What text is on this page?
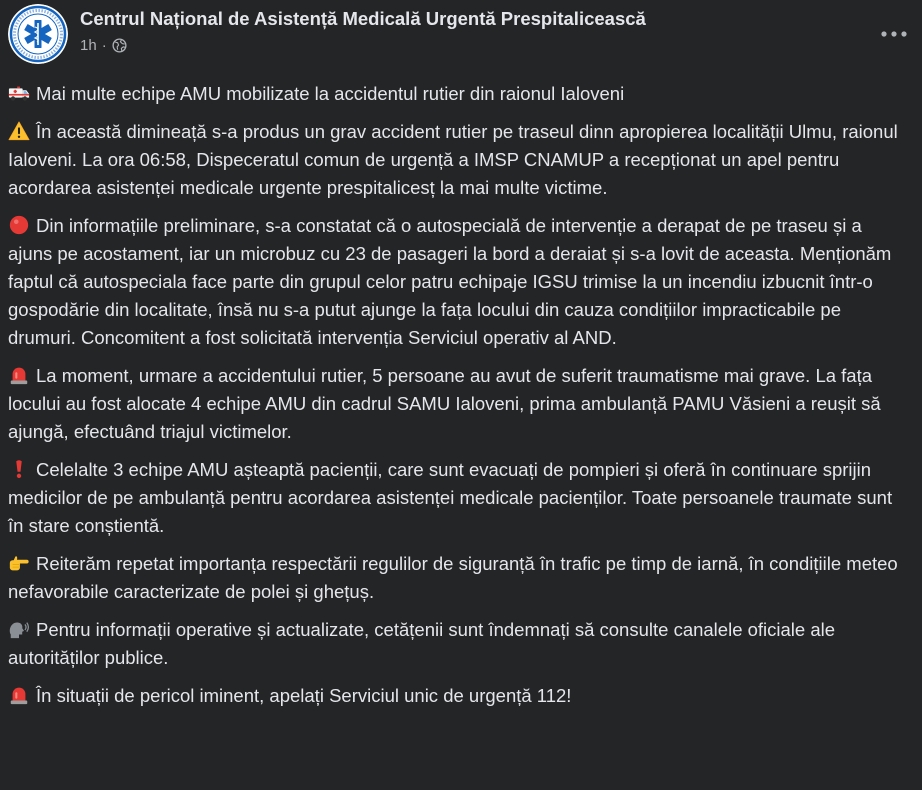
Centrul Național de Asistență Medicală Urgentă Prespitalicească
1h ·

Mai multe echipe AMU mobilizate la accidentul rutier din raionul Ialoveni

În această dimineață s-a produs un grav accident rutier pe traseul dinn apropierea localității Ulmu, raionul Ialoveni. La ora 06:58, Dispeceratul comun de urgență a IMSP CNAMUP a recepționat un apel pentru acordarea asistenței medicale urgente prespitalicesț la mai multe victime.

Din informațiile preliminare, s-a constatat că o autospecială de intervenție a derapat de pe traseu și a ajuns pe acostament, iar un microbuz cu 23 de pasageri la bord a deraiat și s-a lovit de aceasta. Menționăm faptul că autospeciala face parte din grupul celor patru echipaje IGSU trimise la un incendiu izbucnit într-o gospodărie din localitate, însă nu s-a putut ajunge la fața locului din cauza condițiilor impracticabile pe drumuri. Concomitent a fost solicitată intervenția Serviciul operativ al AND.

La moment, urmare a accidentului rutier, 5 persoane au avut de suferit traumatisme mai grave. La fața locului au fost alocate 4 echipe AMU din cadrul SAMU Ialoveni, prima ambulanță PAMU Văsieni a reușit să ajungă, efectuând triajul victimelor.

Celelalte 3 echipe AMU așteaptă pacienții, care sunt evacuați de pompieri și oferă în continuare sprijin medicilor de pe ambulanță pentru acordarea asistenței medicale pacienților. Toate persoanele traumate sunt în stare conștientă.

Reiterăm repetat importanța respectării regulilor de siguranță în trafic pe timp de iarnă, în condițiile meteo nefavorabile caracterizate de polei și ghețuș.

Pentru informații operative și actualizate, cetățenii sunt îndemnați să consulte canalele oficiale ale autorităților publice.

În situații de pericol iminent, apelați Serviciul unic de urgență 112!
